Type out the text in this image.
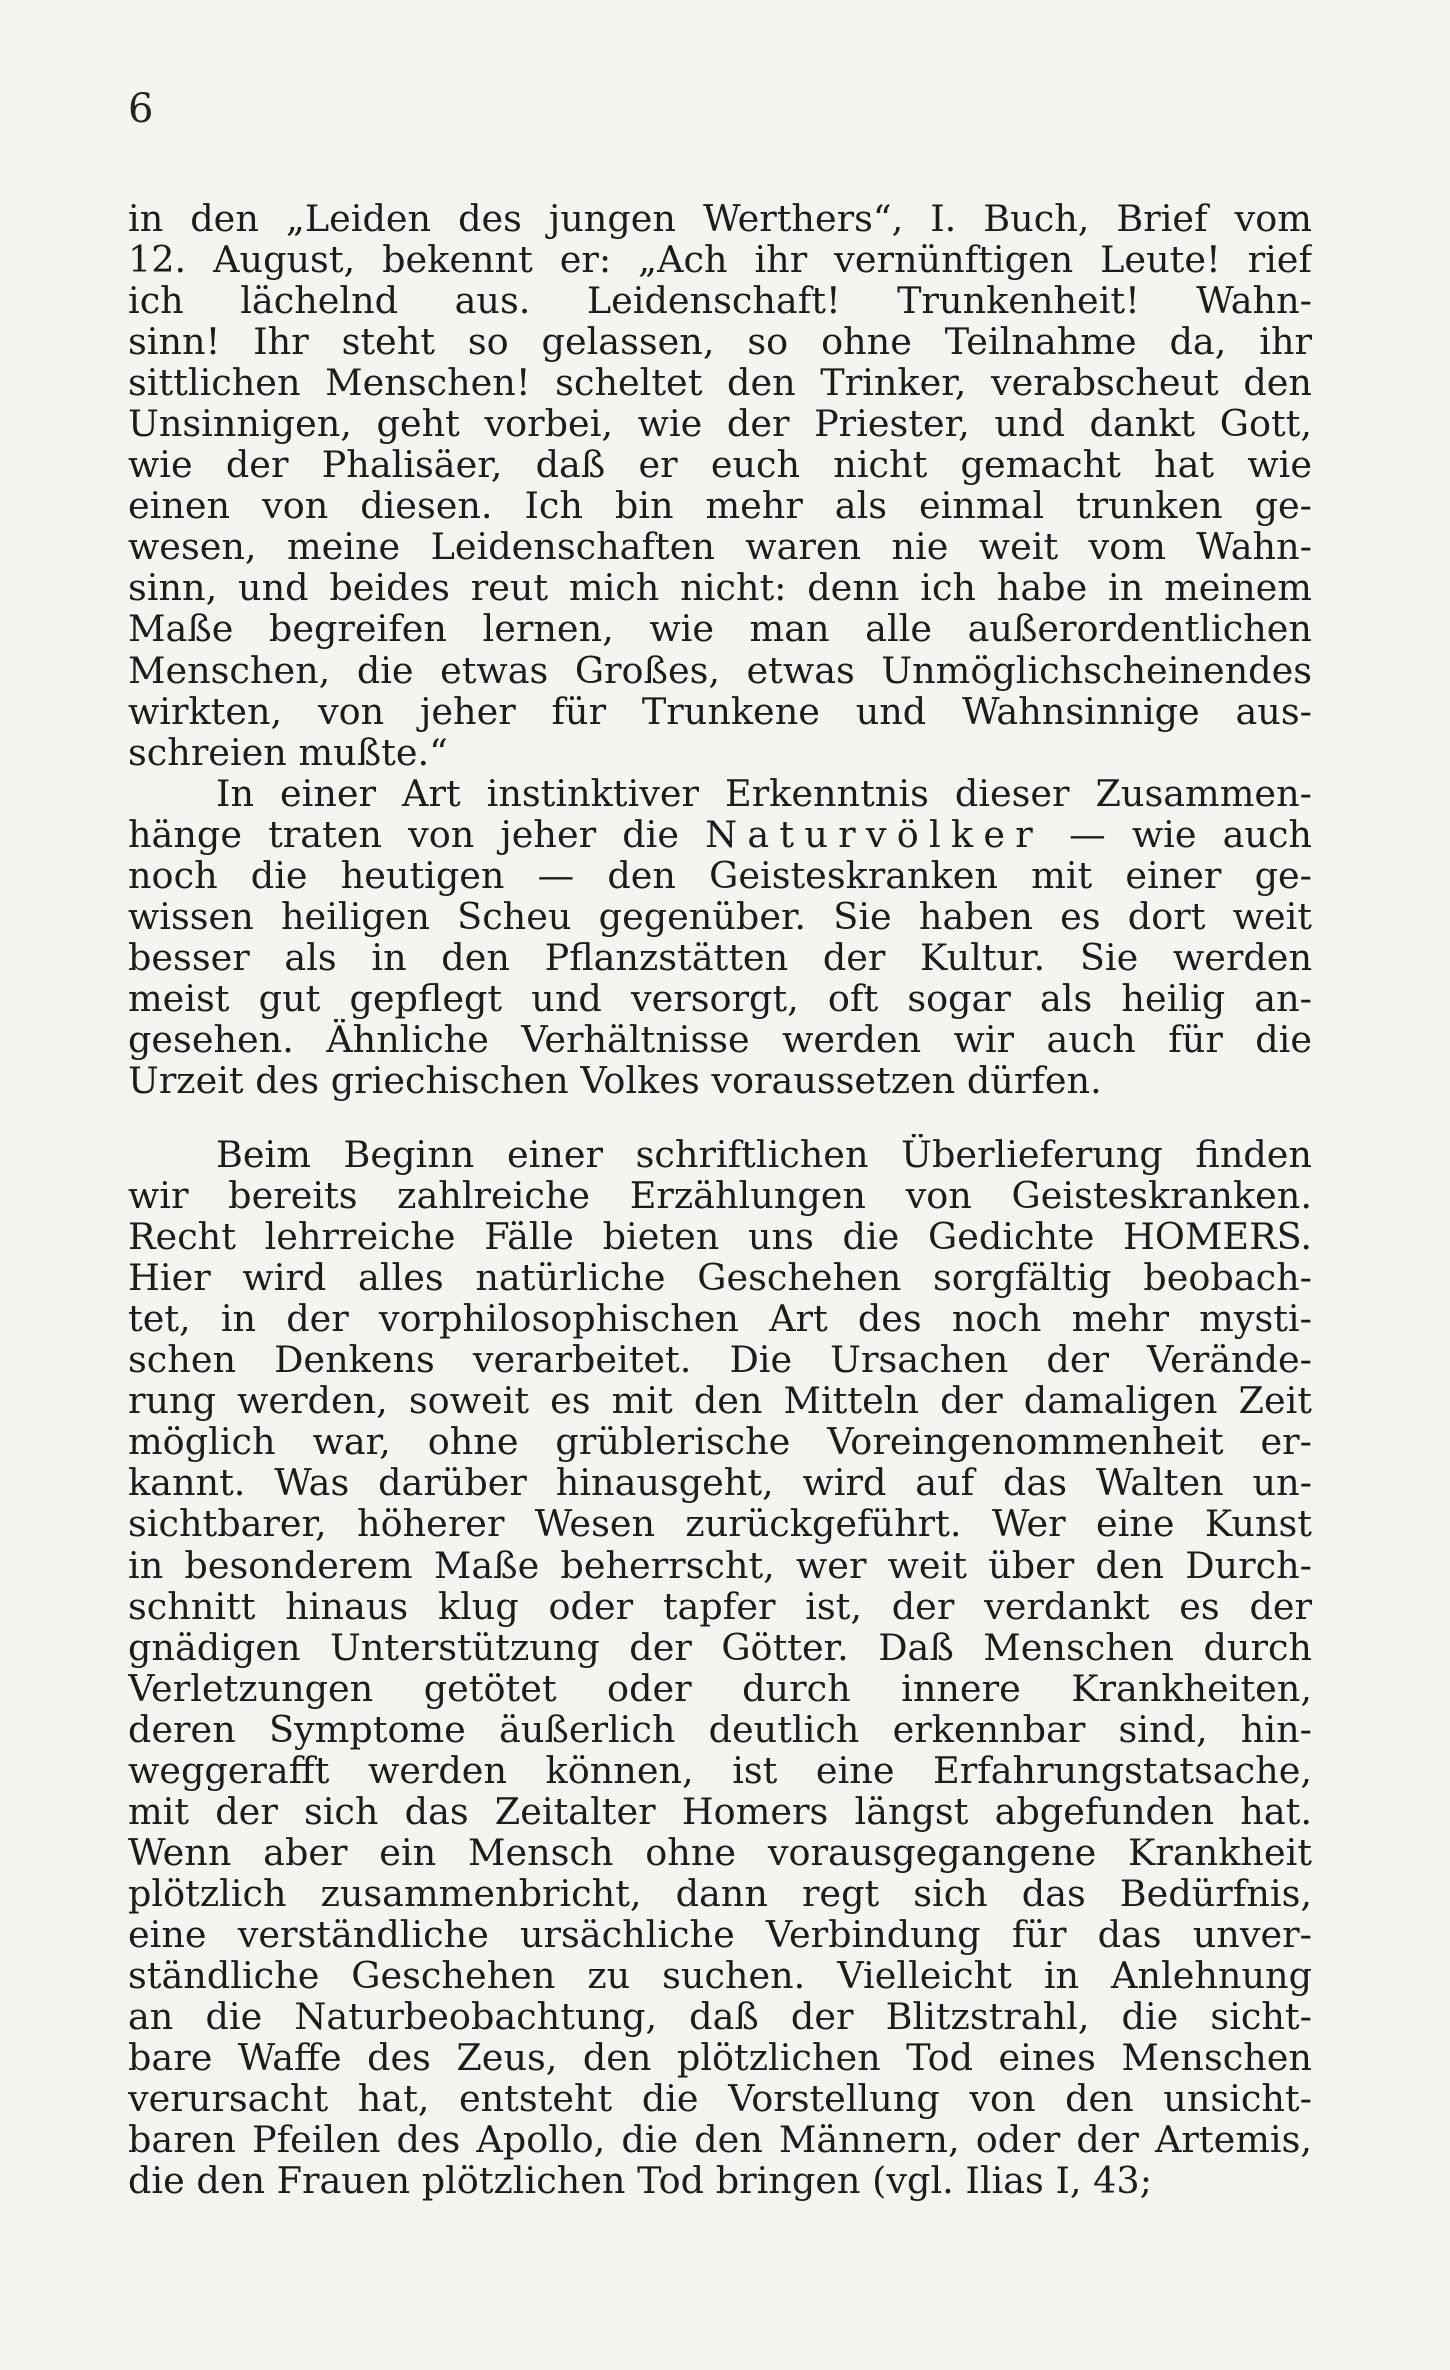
6
in den „Leiden des jungen Werthers“, I. Buch, Brief vom
12. August, bekennt er: „Ach ihr vernünftigen Leute! rief
ich lächelnd aus. Leidenschaft! Trunkenheit! Wahn-
sinn! Ihr steht so gelassen, so ohne Teilnahme da, ihr
sittlichen Menschen! scheltet den Trinker, verabscheut den
Unsinnigen, geht vorbei, wie der Priester, und dankt Gott,
wie der Phalisäer, daß er euch nicht gemacht hat wie
einen von diesen. Ich bin mehr als einmal trunken ge-
wesen, meine Leidenschaften waren nie weit vom Wahn-
sinn, und beides reut mich nicht: denn ich habe in meinem
Maße begreifen lernen, wie man alle außerordentlichen
Menschen, die etwas Großes, etwas Unmöglichscheinendes
wirkten, von jeher für Trunkene und Wahnsinnige aus-
schreien mußte.“
In einer Art instinktiver Erkenntnis dieser Zusammen-
hänge traten von jeher die Naturvölker — wie auch
noch die heutigen — den Geisteskranken mit einer ge-
wissen heiligen Scheu gegenüber. Sie haben es dort weit
besser als in den Pflanzstätten der Kultur. Sie werden
meist gut gepflegt und versorgt, oft sogar als heilig an-
gesehen. Ähnliche Verhältnisse werden wir auch für die
Urzeit des griechischen Volkes voraussetzen dürfen.
Beim Beginn einer schriftlichen Überlieferung finden
wir bereits zahlreiche Erzählungen von Geisteskranken.
Recht lehrreiche Fälle bieten uns die Gedichte HOMERS.
Hier wird alles natürliche Geschehen sorgfältig beobach-
tet, in der vorphilosophischen Art des noch mehr mysti-
schen Denkens verarbeitet. Die Ursachen der Verände-
rung werden, soweit es mit den Mitteln der damaligen Zeit
möglich war, ohne grüblerische Voreingenommenheit er-
kannt. Was darüber hinausgeht, wird auf das Walten un-
sichtbarer, höherer Wesen zurückgeführt. Wer eine Kunst
in besonderem Maße beherrscht, wer weit über den Durch-
schnitt hinaus klug oder tapfer ist, der verdankt es der
gnädigen Unterstützung der Götter. Daß Menschen durch
Verletzungen getötet oder durch innere Krankheiten,
deren Symptome äußerlich deutlich erkennbar sind, hin-
weggerafft werden können, ist eine Erfahrungstatsache,
mit der sich das Zeitalter Homers längst abgefunden hat.
Wenn aber ein Mensch ohne vorausgegangene Krankheit
plötzlich zusammenbricht, dann regt sich das Bedürfnis,
eine verständliche ursächliche Verbindung für das unver-
ständliche Geschehen zu suchen. Vielleicht in Anlehnung
an die Naturbeobachtung, daß der Blitzstrahl, die sicht-
bare Waffe des Zeus, den plötzlichen Tod eines Menschen
verursacht hat, entsteht die Vorstellung von den unsicht-
baren Pfeilen des Apollo, die den Männern, oder der Artemis,
die den Frauen plötzlichen Tod bringen (vgl. Ilias I, 43;
